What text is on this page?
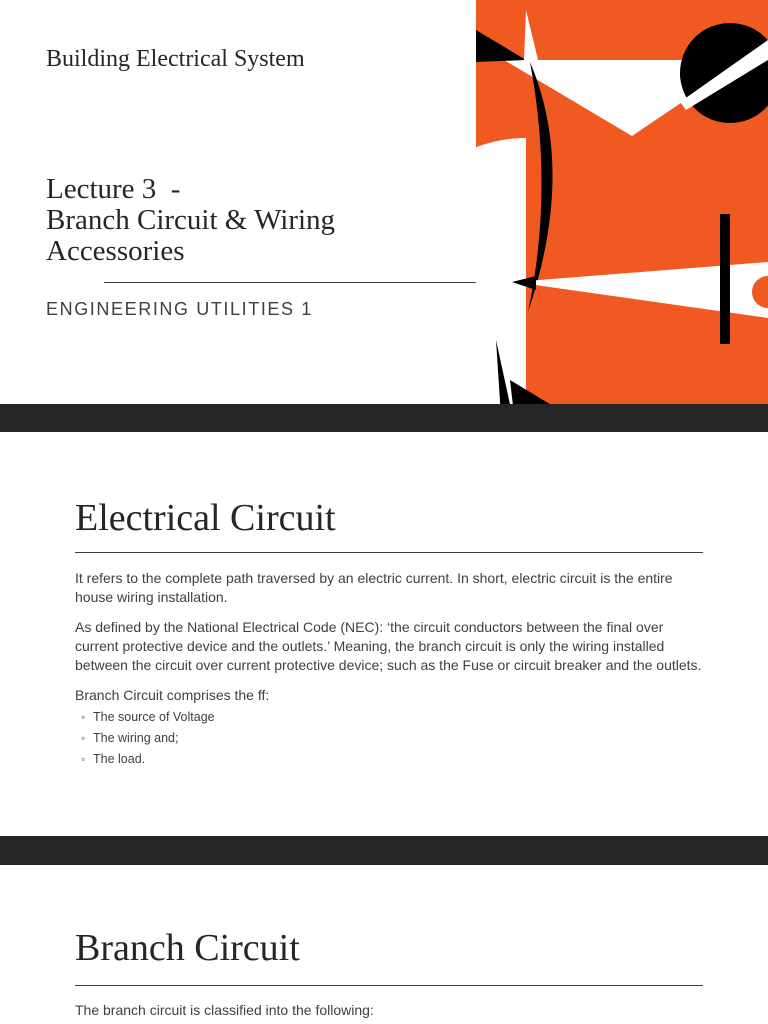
Building Electrical System

Lecture 3  -
Branch Circuit & Wiring
Accessories

ENGINEERING UTILITIES 1

Electrical Circuit

It refers to the complete path traversed by an electric current. In short, electric circuit is the entire house wiring installation.

As defined by the National Electrical Code (NEC): ‘the circuit conductors between the final over current protective device and the outlets.’ Meaning, the branch circuit is only the wiring installed between the circuit over current protective device; such as the Fuse or circuit breaker and the outlets.

Branch Circuit comprises the ff:

◦ The source of Voltage
◦ The wiring and;
◦ The load.
Branch Circuit

The branch circuit is classified into the following:
